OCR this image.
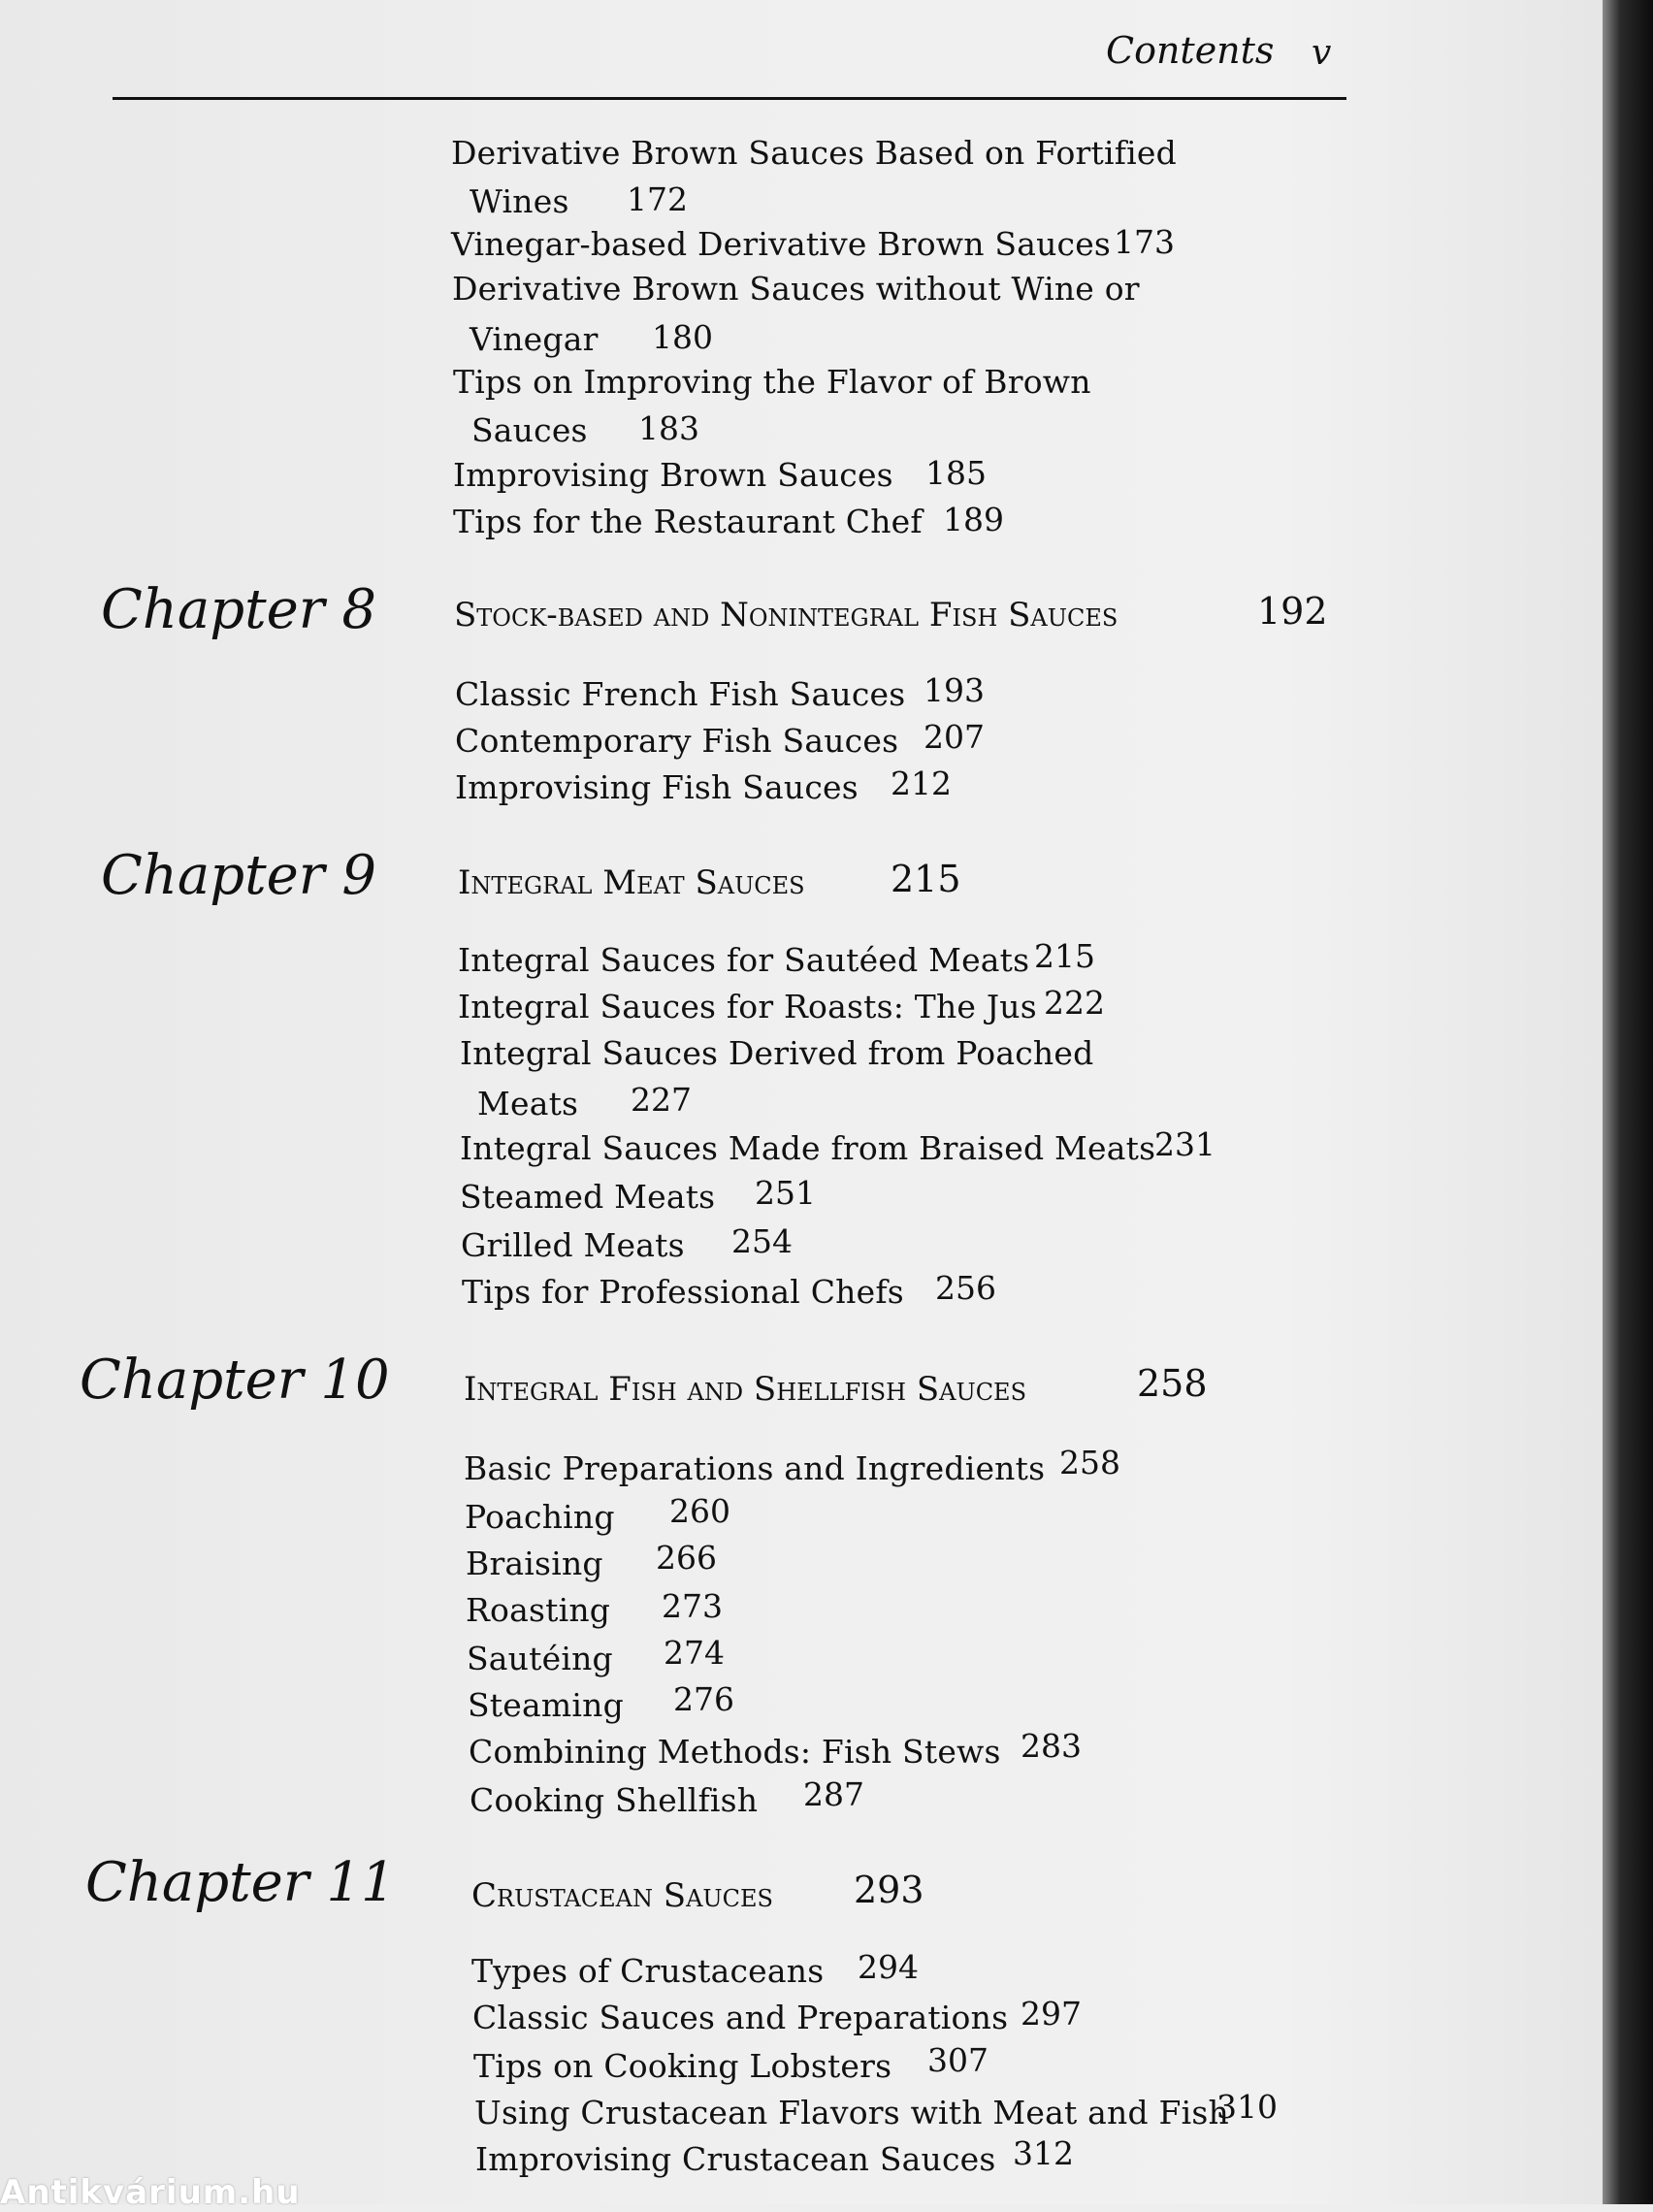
Contents v
Derivative Brown Sauces Based on Fortified
Wines 172
Vinegar-based Derivative Brown Sauces 173
Derivative Brown Sauces without Wine or
Vinegar 180
Tips on Improving the Flavor of Brown
Sauces 183
Improvising Brown Sauces 185
Tips for the Restaurant Chef 189
Chapter 8 Stock-based and Nonintegral Fish Sauces	192
Classic French Fish Sauces 193
Contemporary Fish Sauces 207
Improvising Fish Sauces 212
Chapter 9 Integral Meat Sauces 215
Integral Sauces for Sautéed Meats 215
Integral Sauces for Roasts: The Jus 222
Integral Sauces Derived from Poached
Meats 227
Integral Sauces Made from Braised Meats
231
Steamed Meats 251
Grilled Meats 254
Tips for Professional Chefs 256
Chapter 10 Integral Fish and Shellfish Sauces	258
Basic Preparations and Ingredients 258
Poaching 260
Braising 266
Roasting 273
Sautéing 274
Steaming 276
Combining Methods: Fish Stews 283
Cooking Shellfish 287
Chapter 11 Crustacean Sauces 293
Types of Crustaceans 294
Classic Sauces and Preparations 297
Tips on Cooking Lobsters 307
Using Crustacean Flavors with Meat and Fish
310
Improvising Crustacean Sauces 312
Antikvárium.hu
